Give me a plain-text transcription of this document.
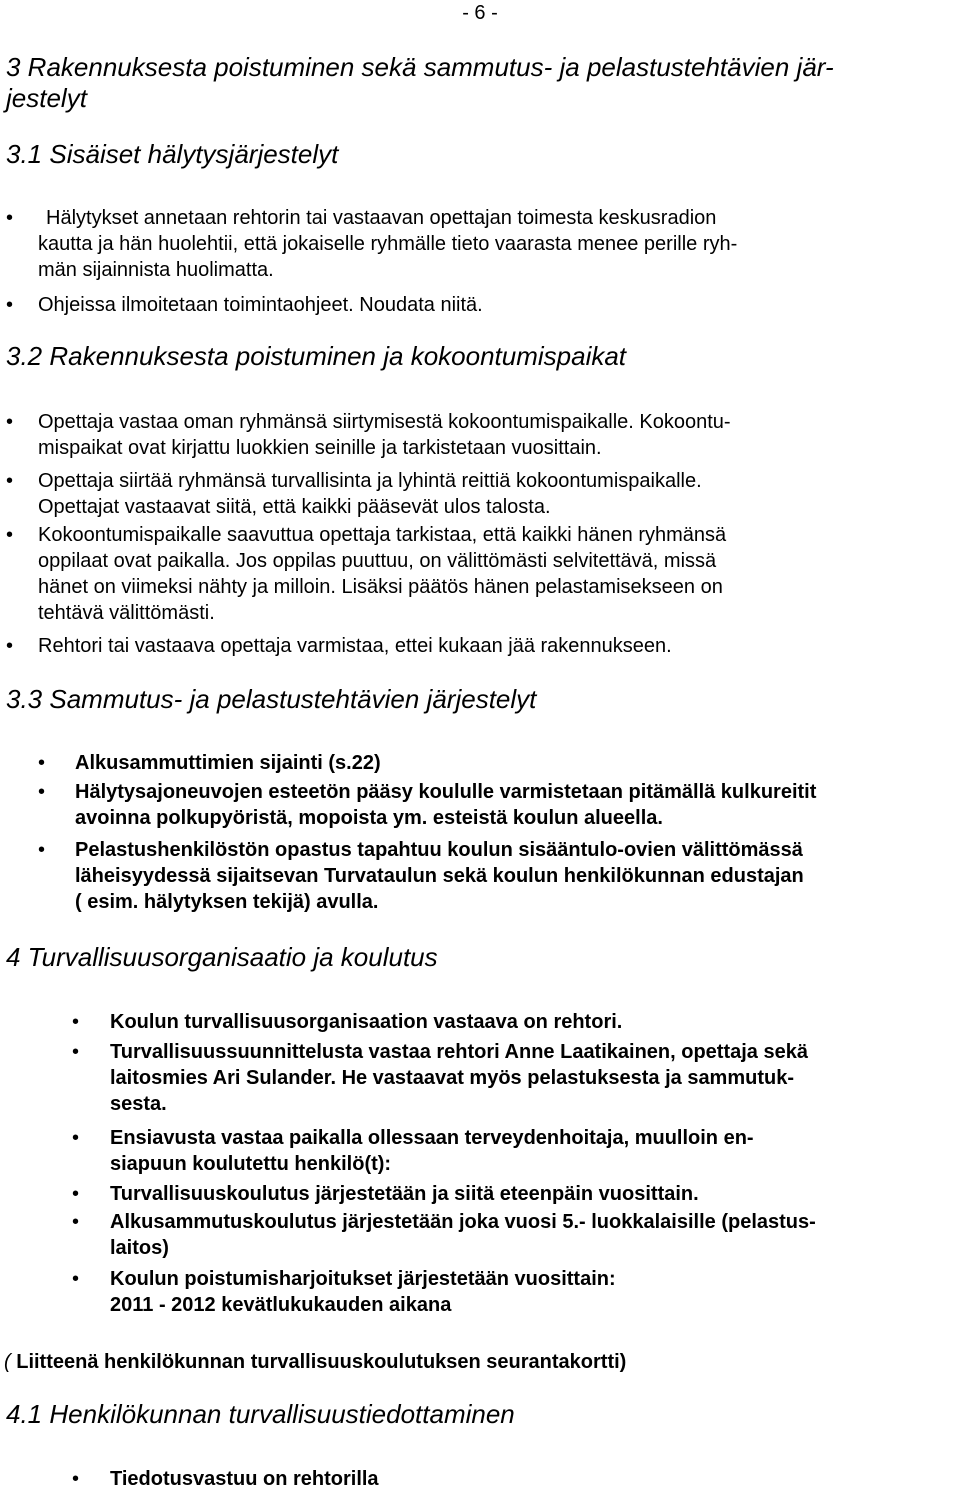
- 6 -
3 Rakennuksesta poistuminen sekä sammutus- ja pelastustehtävien jär-
jestelyt
3.1 Sisäiset hälytysjärjestelyt
• Hälytykset annetaan rehtorin tai vastaavan opettajan toimesta keskusradion
kautta ja hän huolehtii, että jokaiselle ryhmälle tieto vaarasta menee perille ryh-
män sijainnista huolimatta.
• Ohjeissa ilmoitetaan toimintaohjeet. Noudata niitä.
3.2 Rakennuksesta poistuminen ja kokoontumispaikat
• Opettaja vastaa oman ryhmänsä siirtymisestä kokoontumispaikalle. Kokoontu-
mispaikat ovat kirjattu luokkien seinille ja tarkistetaan vuosittain.
• Opettaja siirtää ryhmänsä turvallisinta ja lyhintä reittiä kokoontumispaikalle.
Opettajat vastaavat siitä, että kaikki pääsevät ulos talosta.
• Kokoontumispaikalle saavuttua opettaja tarkistaa, että kaikki hänen ryhmänsä
oppilaat ovat paikalla. Jos oppilas puuttuu, on välittömästi selvitettävä, missä
hänet on viimeksi nähty ja milloin. Lisäksi päätös hänen pelastamisekseen on
tehtävä välittömästi.
• Rehtori tai vastaava opettaja varmistaa, ettei kukaan jää rakennukseen.
3.3 Sammutus- ja pelastustehtävien järjestelyt
• Alkusammuttimien sijainti (s.22)
• Hälytysajoneuvojen esteetön pääsy koululle varmistetaan pitämällä kulkureitit
avoinna polkupyöristä, mopoista ym. esteistä koulun alueella.
• Pelastushenkilöstön opastus tapahtuu koulun sisääntulo-ovien välittömässä
läheisyydessä sijaitsevan Turvataulun sekä koulun henkilökunnan edustajan
( esim. hälytyksen tekijä) avulla.
4 Turvallisuusorganisaatio ja koulutus
• Koulun turvallisuusorganisaation vastaava on rehtori.
• Turvallisuussuunnittelusta vastaa rehtori Anne Laatikainen, opettaja sekä
laitosmies Ari Sulander. He vastaavat myös pelastuksesta ja sammutuk-
sesta.
• Ensiavusta vastaa paikalla ollessaan terveydenhoitaja, muulloin en-
siapuun koulutettu henkilö(t):
• Turvallisuuskoulutus järjestetään ja siitä eteenpäin vuosittain.
• Alkusammutuskoulutus järjestetään joka vuosi 5.- luokkalaisille (pelastus-
laitos)
• Koulun poistumisharjoitukset järjestetään vuosittain:
2011 - 2012 kevätlukukauden aikana
( Liitteenä henkilökunnan turvallisuuskoulutuksen seurantakortti)
4.1 Henkilökunnan turvallisuustiedottaminen
• Tiedotusvastuu on rehtorilla
